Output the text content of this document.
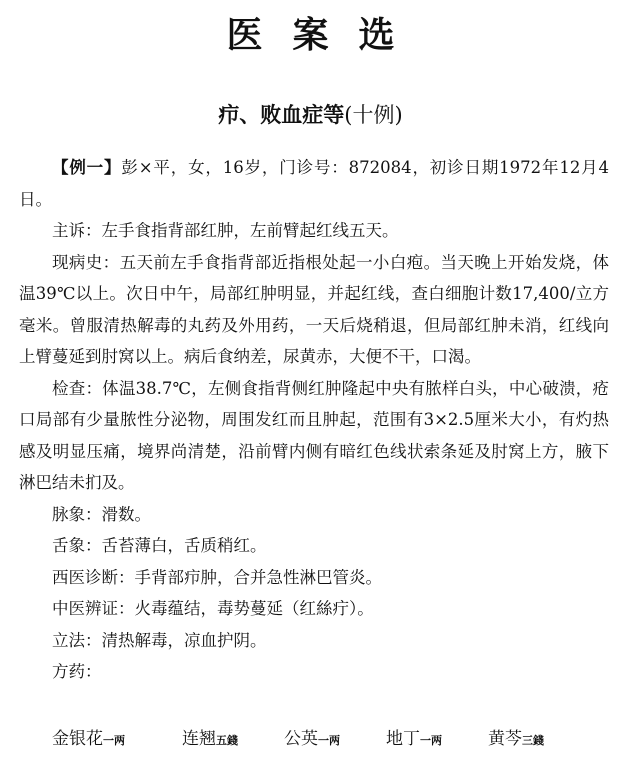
医案选
疖、败血症等(十例)

【例一】彭×平，女，16岁，门诊号：872084，初诊日期1972年12月4日。

主诉：左手食指背部红肿，左前臂起红线五天。

现病史：五天前左手食指背部近指根处起一小白疱。当天晚上开始发烧，体温39℃以上。次日中午，局部红肿明显，并起红线，查白细胞计数17,400/立方毫米。曾服清热解毒的丸药及外用药，一天后烧稍退，但局部红肿未消，红线向上臂蔓延到肘窝以上。病后食纳差，尿黄赤，大便不干，口渴。

检查：体温38.7℃，左侧食指背侧红肿隆起中央有脓样白头，中心破溃，疮口局部有少量脓性分泌物，周围发红而且肿起，范围有3×2.5厘米大小，有灼热感及明显压痛，境界尚清楚，沿前臂内侧有暗红色线状索条延及肘窝上方，腋下淋巴结未扪及。

脉象：滑数。

舌象：舌苔薄白，舌质稍红。

西医诊断：手背部疖肿，合并急性淋巴管炎。

中医辨证：火毒蕴结，毒势蔓延（红絲疔）。

立法：清热解毒，凉血护阴。

方药：

金银花一两	连翘五錢	公英一两	地丁一两	黄芩三錢
